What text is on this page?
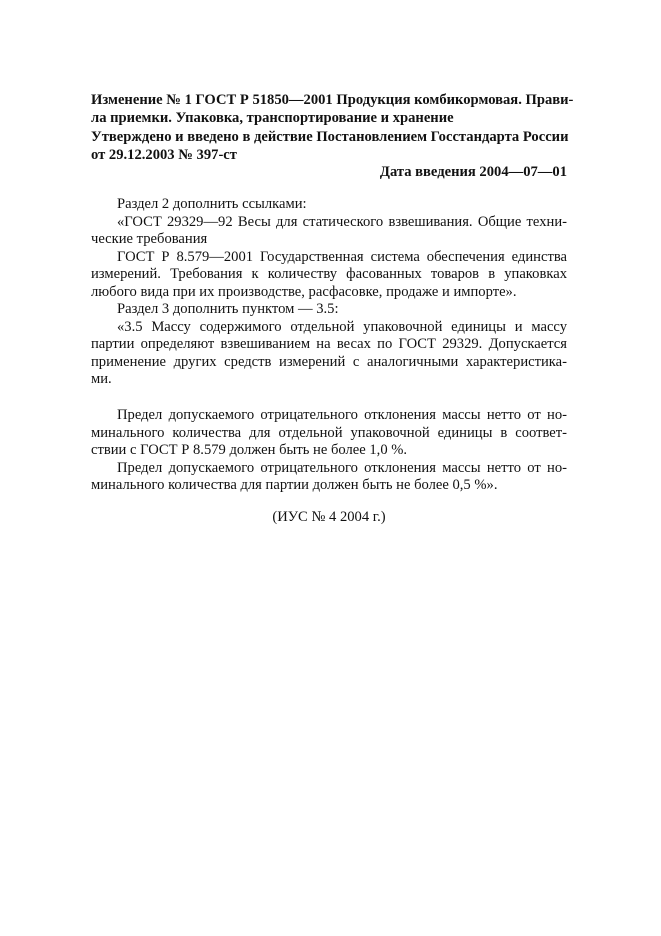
Изменение № 1 ГОСТ Р 51850—2001 Продукция комбикормовая. Прави-
ла приемки. Упаковка, транспортирование и хранение
Утверждено и введено в действие Постановлением Госстандарта России
от 29.12.2003 № 397-ст
Дата введения 2004—07—01
Раздел 2 дополнить ссылками:
«ГОСТ 29329—92 Весы для статического взвешивания. Общие техни-
ческие требования
ГОСТ Р 8.579—2001 Государственная система обеспечения единства
измерений. Требования к количеству фасованных товаров в упаковках
любого вида при их производстве, расфасовке, продаже и импорте».
Раздел 3 дополнить пунктом — 3.5:
«3.5 Массу содержимого отдельной упаковочной единицы и массу
партии определяют взвешиванием на весах по ГОСТ 29329. Допускается
применение других средств измерений с аналогичными характеристика-
ми.
Предел допускаемого отрицательного отклонения массы нетто от но-
минального количества для отдельной упаковочной единицы в соответ-
ствии с ГОСТ Р 8.579 должен быть не более 1,0 %.
Предел допускаемого отрицательного отклонения массы нетто от но-
минального количества для партии должен быть не более 0,5 %».
(ИУС № 4 2004 г.)
